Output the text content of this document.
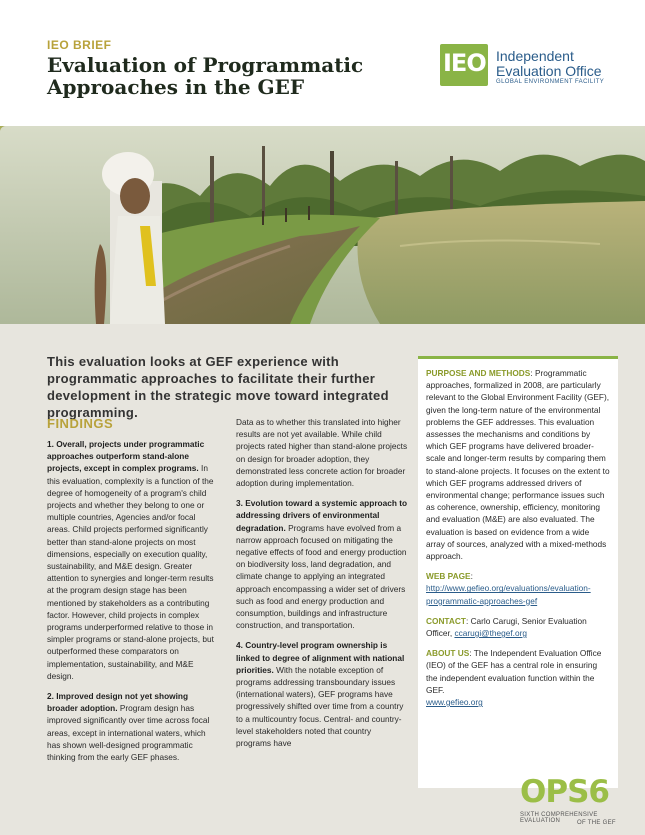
IEO BRIEF
Evaluation of Programmatic Approaches in the GEF
IEO Independent
Evaluation Office
GLOBAL ENVIRONMENT FACILITY
This evaluation looks at GEF experience with programmatic approaches to facilitate their further development in the strategic move toward integrated programming.
FINDINGS

1. Overall, projects under programmatic approaches outperform stand-alone projects, except in complex programs. In this evaluation, complexity is a function of the degree of homogeneity of a program's child projects and whether they belong to one or multiple countries, Agencies and/or focal areas. Child projects performed significantly better than stand-alone projects on most dimensions, especially on execution quality, sustainability, and M&E design. Greater attention to synergies and longer-term results at the program design stage has been mentioned by stakeholders as a contributing factor. However, child projects in complex programs underperformed relative to those in simpler programs or stand-alone projects, but outperformed these comparators on implementation, sustainability, and M&E design.

2. Improved design not yet showing broader adoption. Program design has improved significantly over time across focal areas, except in international waters, which has shown well-designed programmatic thinking from the early GEF phases.

Data as to whether this translated into higher results are not yet available. While child projects rated higher than stand-alone projects on design for broader adoption, they demonstrated less concrete action for broader adoption during implementation.

3. Evolution toward a systemic approach to addressing drivers of environmental degradation. Programs have evolved from a narrow approach focused on mitigating the negative effects of food and energy production on biodiversity loss, land degradation, and climate change to applying an integrated approach encompassing a wider set of drivers such as food and energy production and consumption, buildings and infrastructure construction, and transportation.

4. Country-level program ownership is linked to degree of alignment with national priorities. With the notable exception of programs addressing transboundary issues (international waters), GEF programs have progressively shifted over time from a country to a multicountry focus. Central- and country-level stakeholders noted that country programs have

PURPOSE AND METHODS: Programmatic approaches, formalized in 2008, are particularly relevant to the Global Environment Facility (GEF), given the long-term nature of the environmental problems the GEF addresses. This evaluation assesses the mechanisms and conditions by which GEF programs have delivered broader-scale and longer-term results by comparing them to stand-alone projects. It focuses on the extent to which GEF programs addressed drivers of environmental change; performance issues such as coherence, ownership, efficiency, monitoring and evaluation (M&E) are also evaluated. The evaluation is based on evidence from a wide array of sources, analyzed with a mixed-methods approach.

WEB PAGE: http://www.gefieo.org/evaluations/evaluation-programmatic-approaches-gef

CONTACT: Carlo Carugi, Senior Evaluation Officer, ccarugi@thegef.org

ABOUT US: The Independent Evaluation Office (IEO) of the GEF has a central role in ensuring the independent evaluation function within the GEF.
www.gefieo.org

OPS6
SIXTH COMPREHENSIVE EVALUATION	OF THE GEF
